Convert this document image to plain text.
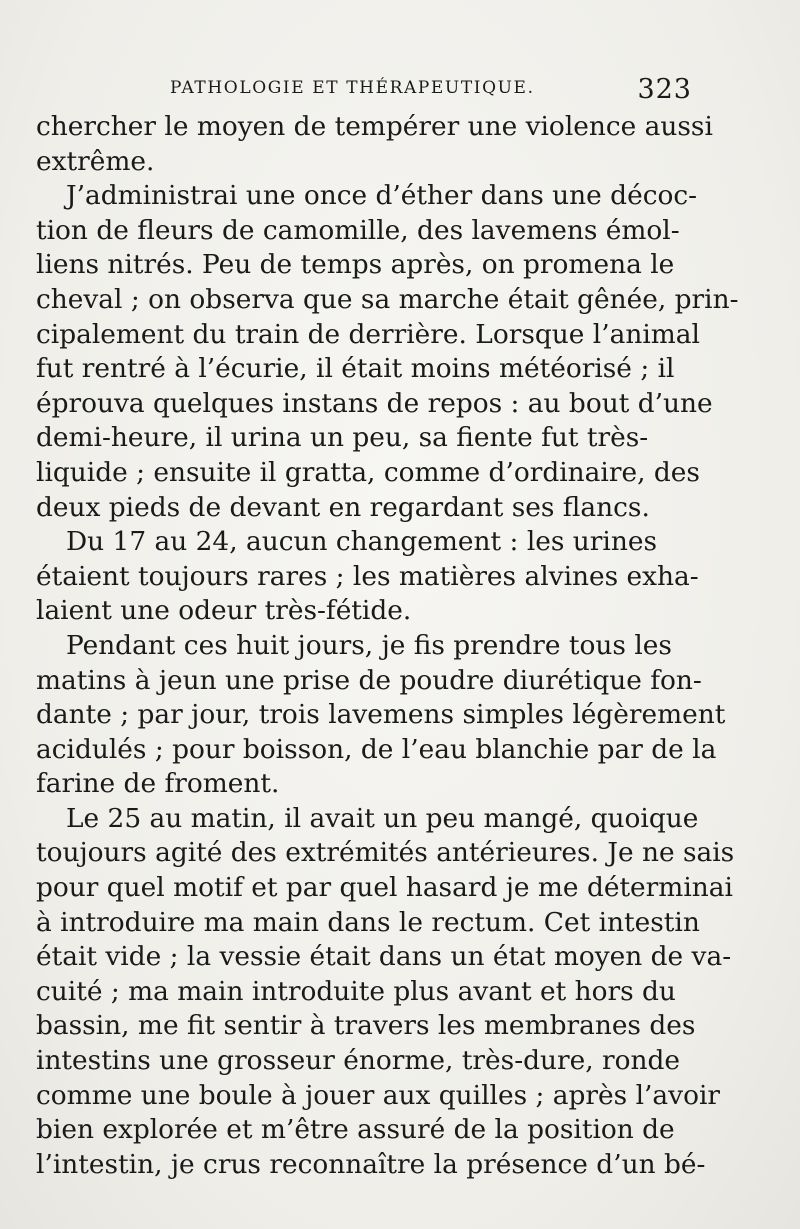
PATHOLOGIE ET THÉRAPEUTIQUE.	323
chercher le moyen de tempérer une violence aussi
extrême.
J’administrai une once d’éther dans une décoc-
tion de fleurs de camomille, des lavemens émol-
liens nitrés. Peu de temps après, on promena le
cheval ; on observa que sa marche était gênée, prin-
cipalement du train de derrière. Lorsque l’animal
fut rentré à l’écurie, il était moins météorisé ; il
éprouva quelques instans de repos : au bout d’une
demi-heure, il urina un peu, sa fiente fut très-
liquide ; ensuite il gratta, comme d’ordinaire, des
deux pieds de devant en regardant ses flancs.
Du 17 au 24, aucun changement : les urines
étaient toujours rares ; les matières alvines exha-
laient une odeur très-fétide.
Pendant ces huit jours, je fis prendre tous les
matins à jeun une prise de poudre diurétique fon-
dante ; par jour, trois lavemens simples légèrement
acidulés ; pour boisson, de l’eau blanchie par de la
farine de froment.
Le 25 au matin, il avait un peu mangé, quoique
toujours agité des extrémités antérieures. Je ne sais
pour quel motif et par quel hasard je me déterminai
à introduire ma main dans le rectum. Cet intestin
était vide ; la vessie était dans un état moyen de va-
cuité ; ma main introduite plus avant et hors du
bassin, me fit sentir à travers les membranes des
intestins une grosseur énorme, très-dure, ronde
comme une boule à jouer aux quilles ; après l’avoir
bien explorée et m’être assuré de la position de
l’intestin, je crus reconnaître la présence d’un bé-
